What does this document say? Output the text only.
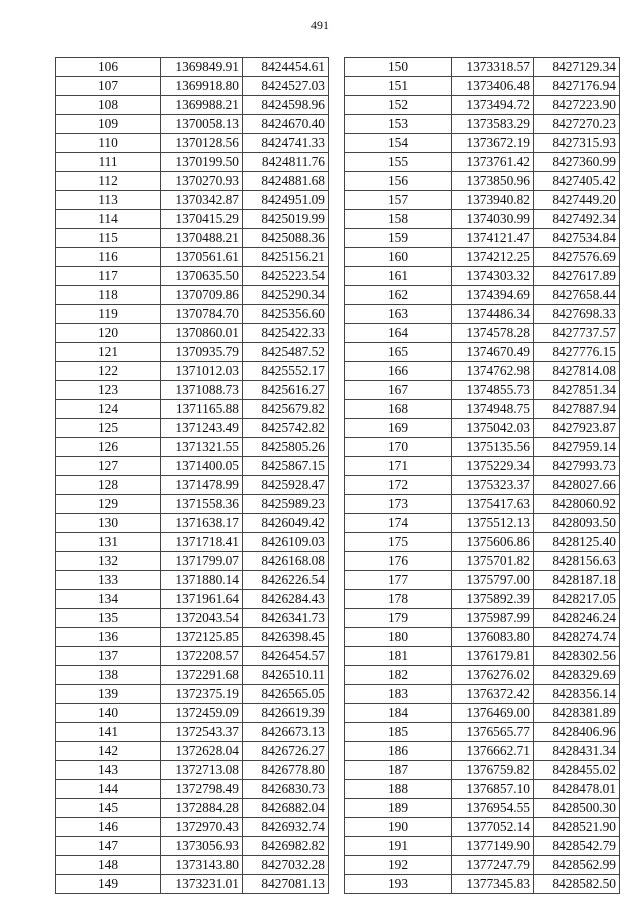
491
106	1369849.91	8424454.61
107	1369918.80	8424527.03
108	1369988.21	8424598.96
109	1370058.13	8424670.40
110	1370128.56	8424741.33
111	1370199.50	8424811.76
112	1370270.93	8424881.68
113	1370342.87	8424951.09
114	1370415.29	8425019.99
115	1370488.21	8425088.36
116	1370561.61	8425156.21
117	1370635.50	8425223.54
118	1370709.86	8425290.34
119	1370784.70	8425356.60
120	1370860.01	8425422.33
121	1370935.79	8425487.52
122	1371012.03	8425552.17
123	1371088.73	8425616.27
124	1371165.88	8425679.82
125	1371243.49	8425742.82
126	1371321.55	8425805.26
127	1371400.05	8425867.15
128	1371478.99	8425928.47
129	1371558.36	8425989.23
130	1371638.17	8426049.42
131	1371718.41	8426109.03
132	1371799.07	8426168.08
133	1371880.14	8426226.54
134	1371961.64	8426284.43
135	1372043.54	8426341.73
136	1372125.85	8426398.45
137	1372208.57	8426454.57
138	1372291.68	8426510.11
139	1372375.19	8426565.05
140	1372459.09	8426619.39
141	1372543.37	8426673.13
142	1372628.04	8426726.27
143	1372713.08	8426778.80
144	1372798.49	8426830.73
145	1372884.28	8426882.04
146	1372970.43	8426932.74
147	1373056.93	8426982.82
148	1373143.80	8427032.28
149	1373231.01	8427081.13
150	1373318.57	8427129.34
151	1373406.48	8427176.94
152	1373494.72	8427223.90
153	1373583.29	8427270.23
154	1373672.19	8427315.93
155	1373761.42	8427360.99
156	1373850.96	8427405.42
157	1373940.82	8427449.20
158	1374030.99	8427492.34
159	1374121.47	8427534.84
160	1374212.25	8427576.69
161	1374303.32	8427617.89
162	1374394.69	8427658.44
163	1374486.34	8427698.33
164	1374578.28	8427737.57
165	1374670.49	8427776.15
166	1374762.98	8427814.08
167	1374855.73	8427851.34
168	1374948.75	8427887.94
169	1375042.03	8427923.87
170	1375135.56	8427959.14
171	1375229.34	8427993.73
172	1375323.37	8428027.66
173	1375417.63	8428060.92
174	1375512.13	8428093.50
175	1375606.86	8428125.40
176	1375701.82	8428156.63
177	1375797.00	8428187.18
178	1375892.39	8428217.05
179	1375987.99	8428246.24
180	1376083.80	8428274.74
181	1376179.81	8428302.56
182	1376276.02	8428329.69
183	1376372.42	8428356.14
184	1376469.00	8428381.89
185	1376565.77	8428406.96
186	1376662.71	8428431.34
187	1376759.82	8428455.02
188	1376857.10	8428478.01
189	1376954.55	8428500.30
190	1377052.14	8428521.90
191	1377149.90	8428542.79
192	1377247.79	8428562.99
193	1377345.83	8428582.50
